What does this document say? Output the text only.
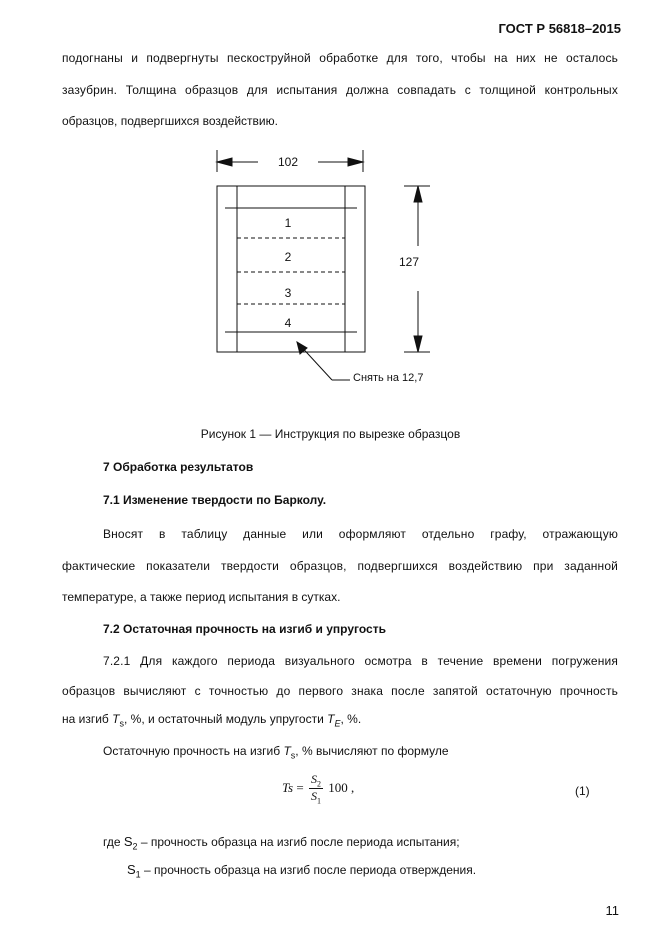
ГОСТ Р 56818–2015
подогнаны и подвергнуты пескоструйной обработке для того, чтобы на них не осталось
зазубрин. Толщина образцов для испытания должна совпадать с толщиной контрольных
образцов, подвергшихся воздействию.
102
127
1
2
3
4
Снять на 12,7
Рисунок 1 — Инструкция по вырезке образцов
7 Обработка результатов
7.1 Изменение твердости по Барколу.
Вносят в таблицу данные или оформляют отдельно графу, отражающую
фактические показатели твердости образцов, подвергшихся воздействию при заданной
температуре, а также период испытания в сутках.
7.2 Остаточная прочность на изгиб и упругость
7.2.1 Для каждого периода визуального осмотра в течение времени погружения
образцов вычисляют с точностью до первого знака после запятой остаточную прочность
на изгиб $T_s$, %, и остаточный модуль упругости $T_E$, %.
Остаточную прочность на изгиб $T_s$, % вычисляют по формуле
$Ts = \frac{S_2}{S_1} 100$ ,	(1)
где $S_2$ – прочность образца на изгиб после периода испытания;
$S_1$ – прочность образца на изгиб после периода отверждения.
11
